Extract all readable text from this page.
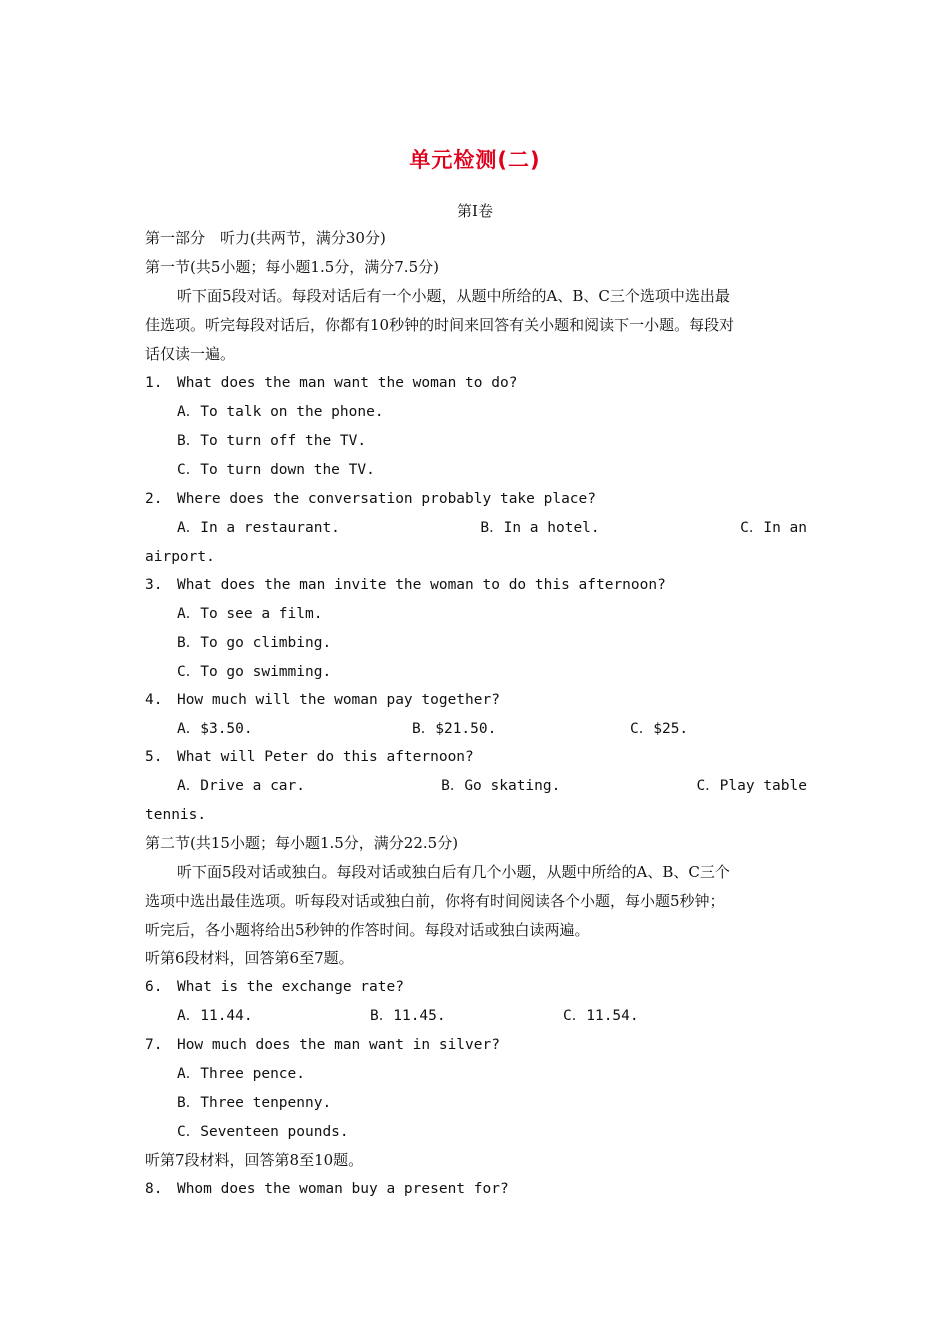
单元检测(二)
第Ⅰ卷
第一部分　听力(共两节，满分30分)
第一节(共5小题；每小题1.5分，满分7.5分)
听下面5段对话。每段对话后有一个小题，从题中所给的A、B、C三个选项中选出最
佳选项。听完每段对话后，你都有10秒钟的时间来回答有关小题和阅读下一小题。每段对
话仅读一遍。
1.　What does the man want the woman to do?
A．To talk on the phone.
B．To turn off the TV.
C．To turn down the TV.
2.　Where does the conversation probably take place?
A．In a restaurant.	B．In a hotel.	C．In an
airport.
3.　What does the man invite the woman to do this afternoon?
A．To see a film.
B．To go climbing.
C．To go swimming.
4.　How much will the woman pay together?
A．$3.50.	B．$21.50.	C．$25.
5.　What will Peter do this afternoon?
A．Drive a car.	B．Go skating.	C．Play table
tennis.
第二节(共15小题；每小题1.5分，满分22.5分)
听下面5段对话或独白。每段对话或独白后有几个小题，从题中所给的A、B、C三个
选项中选出最佳选项。听每段对话或独白前，你将有时间阅读各个小题，每小题5秒钟；
听完后，各小题将给出5秒钟的作答时间。每段对话或独白读两遍。
听第6段材料，回答第6至7题。
6.　What is the exchange rate?
A．11.44.	B．11.45.	C．11.54.
7.　How much does the man want in silver?
A．Three pence.
B．Three tenpenny.
C．Seventeen pounds.
听第7段材料，回答第8至10题。
8.　Whom does the woman buy a present for?
